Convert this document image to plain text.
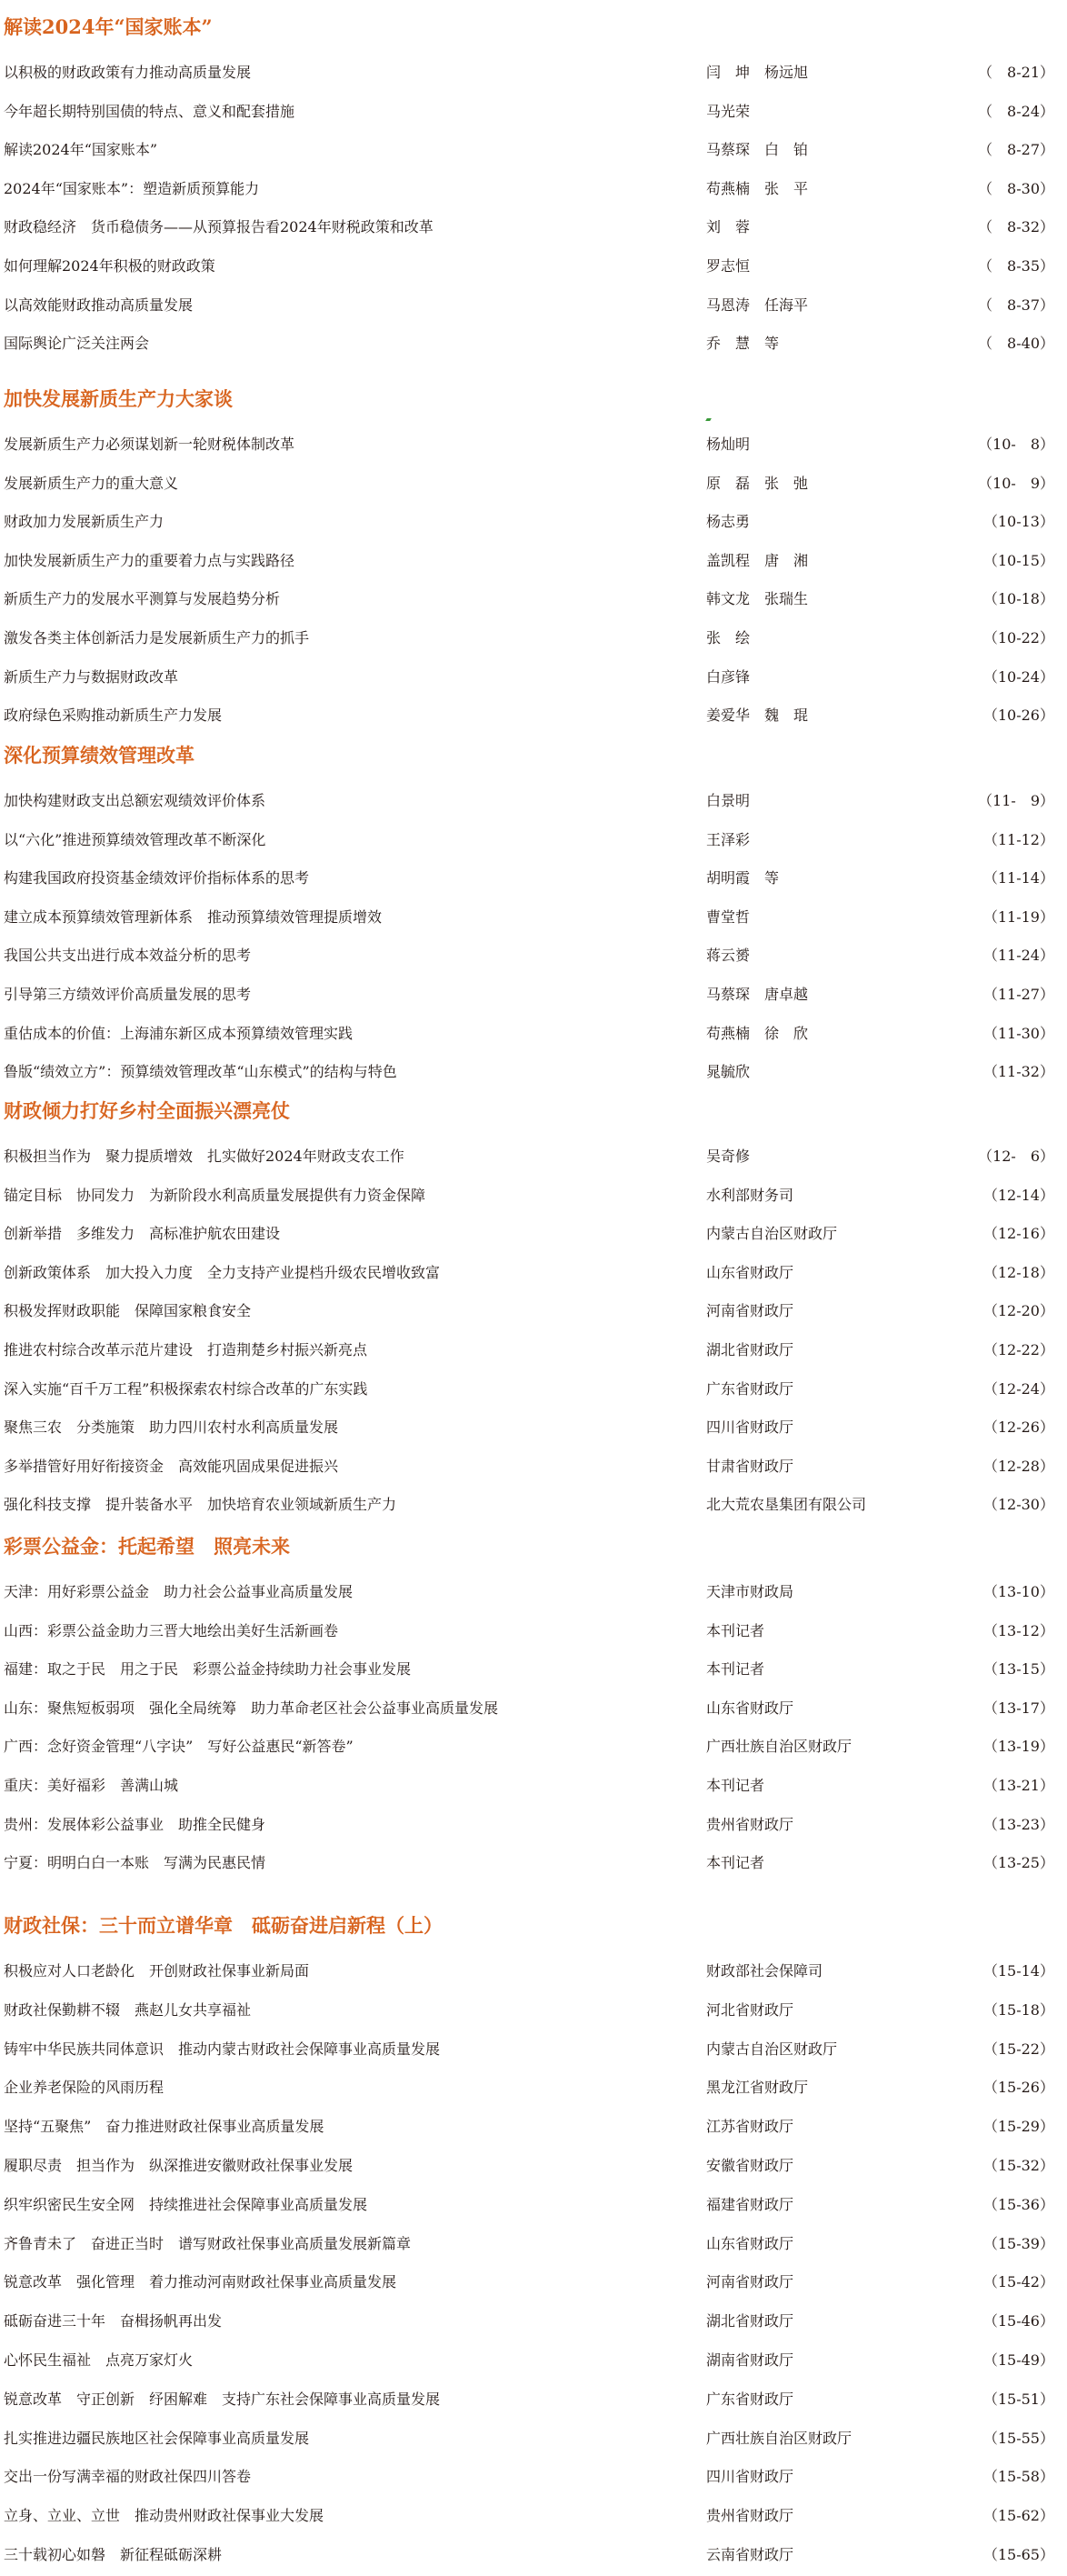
解读2024年“国家账本”
以积极的财政政策有力推动高质量发展	闫　坤　杨远旭	（　8-21）
今年超长期特别国债的特点、意义和配套措施	马光荣	（　8-24）
解读2024年“国家账本”	马蔡琛　白　铂	（　8-27）
2024年“国家账本”：塑造新质预算能力	苟燕楠　张　平	（　8-30）
财政稳经济　货币稳债务——从预算报告看2024年财税政策和改革	刘　蓉	（　8-32）
如何理解2024年积极的财政政策	罗志恒	（　8-35）
以高效能财政推动高质量发展	马恩涛　任海平	（　8-37）
国际舆论广泛关注两会	乔　慧　等	（　8-40）
加快发展新质生产力大家谈
发展新质生产力必须谋划新一轮财税体制改革	杨灿明	（10-　8）
发展新质生产力的重大意义	原　磊　张　弛	（10-　9）
财政加力发展新质生产力	杨志勇	（10-13）
加快发展新质生产力的重要着力点与实践路径	盖凯程　唐　湘	（10-15）
新质生产力的发展水平测算与发展趋势分析	韩文龙　张瑞生	（10-18）
激发各类主体创新活力是发展新质生产力的抓手	张　绘	（10-22）
新质生产力与数据财政改革	白彦锋	（10-24）
政府绿色采购推动新质生产力发展	姜爱华　魏　琨	（10-26）
深化预算绩效管理改革
加快构建财政支出总额宏观绩效评价体系	白景明	（11-　9）
以“六化”推进预算绩效管理改革不断深化	王泽彩	（11-12）
构建我国政府投资基金绩效评价指标体系的思考	胡明霞　等	（11-14）
建立成本预算绩效管理新体系　推动预算绩效管理提质增效	曹堂哲	（11-19）
我国公共支出进行成本效益分析的思考	蒋云赟	（11-24）
引导第三方绩效评价高质量发展的思考	马蔡琛　唐卓越	（11-27）
重估成本的价值：上海浦东新区成本预算绩效管理实践	苟燕楠　徐　欣	（11-30）
鲁版“绩效立方”：预算绩效管理改革“山东模式”的结构与特色	晁毓欣	（11-32）
财政倾力打好乡村全面振兴漂亮仗
积极担当作为　聚力提质增效　扎实做好2024年财政支农工作	吴奇修	（12-　6）
锚定目标　协同发力　为新阶段水利高质量发展提供有力资金保障	水利部财务司	（12-14）
创新举措　多维发力　高标准护航农田建设	内蒙古自治区财政厅	（12-16）
创新政策体系　加大投入力度　全力支持产业提档升级农民增收致富	山东省财政厅	（12-18）
积极发挥财政职能　保障国家粮食安全	河南省财政厅	（12-20）
推进农村综合改革示范片建设　打造荆楚乡村振兴新亮点	湖北省财政厅	（12-22）
深入实施“百千万工程”积极探索农村综合改革的广东实践	广东省财政厅	（12-24）
聚焦三农　分类施策　助力四川农村水利高质量发展	四川省财政厅	（12-26）
多举措管好用好衔接资金　高效能巩固成果促进振兴	甘肃省财政厅	（12-28）
强化科技支撑　提升装备水平　加快培育农业领域新质生产力	北大荒农垦集团有限公司	（12-30）
彩票公益金：托起希望　照亮未来
天津：用好彩票公益金　助力社会公益事业高质量发展	天津市财政局	（13-10）
山西：彩票公益金助力三晋大地绘出美好生活新画卷	本刊记者	（13-12）
福建：取之于民　用之于民　彩票公益金持续助力社会事业发展	本刊记者	（13-15）
山东：聚焦短板弱项　强化全局统筹　助力革命老区社会公益事业高质量发展	山东省财政厅	（13-17）
广西：念好资金管理“八字诀”　写好公益惠民“新答卷”	广西壮族自治区财政厅	（13-19）
重庆：美好福彩　善满山城	本刊记者	（13-21）
贵州：发展体彩公益事业　助推全民健身	贵州省财政厅	（13-23）
宁夏：明明白白一本账　写满为民惠民情	本刊记者	（13-25）
财政社保：三十而立谱华章　砥砺奋进启新程（上）
积极应对人口老龄化　开创财政社保事业新局面	财政部社会保障司	（15-14）
财政社保勤耕不辍　燕赵儿女共享福祉	河北省财政厅	（15-18）
铸牢中华民族共同体意识　推动内蒙古财政社会保障事业高质量发展	内蒙古自治区财政厅	（15-22）
企业养老保险的风雨历程	黑龙江省财政厅	（15-26）
坚持“五聚焦”　奋力推进财政社保事业高质量发展	江苏省财政厅	（15-29）
履职尽责　担当作为　纵深推进安徽财政社保事业发展	安徽省财政厅	（15-32）
织牢织密民生安全网　持续推进社会保障事业高质量发展	福建省财政厅	（15-36）
齐鲁青未了　奋进正当时　谱写财政社保事业高质量发展新篇章	山东省财政厅	（15-39）
锐意改革　强化管理　着力推动河南财政社保事业高质量发展	河南省财政厅	（15-42）
砥砺奋进三十年　奋楫扬帆再出发	湖北省财政厅	（15-46）
心怀民生福祉　点亮万家灯火	湖南省财政厅	（15-49）
锐意改革　守正创新　纾困解难　支持广东社会保障事业高质量发展	广东省财政厅	（15-51）
扎实推进边疆民族地区社会保障事业高质量发展	广西壮族自治区财政厅	（15-55）
交出一份写满幸福的财政社保四川答卷	四川省财政厅	（15-58）
立身、立业、立世　推动贵州财政社保事业大发展	贵州省财政厅	（15-62）
三十载初心如磐　新征程砥砺深耕	云南省财政厅	（15-65）
